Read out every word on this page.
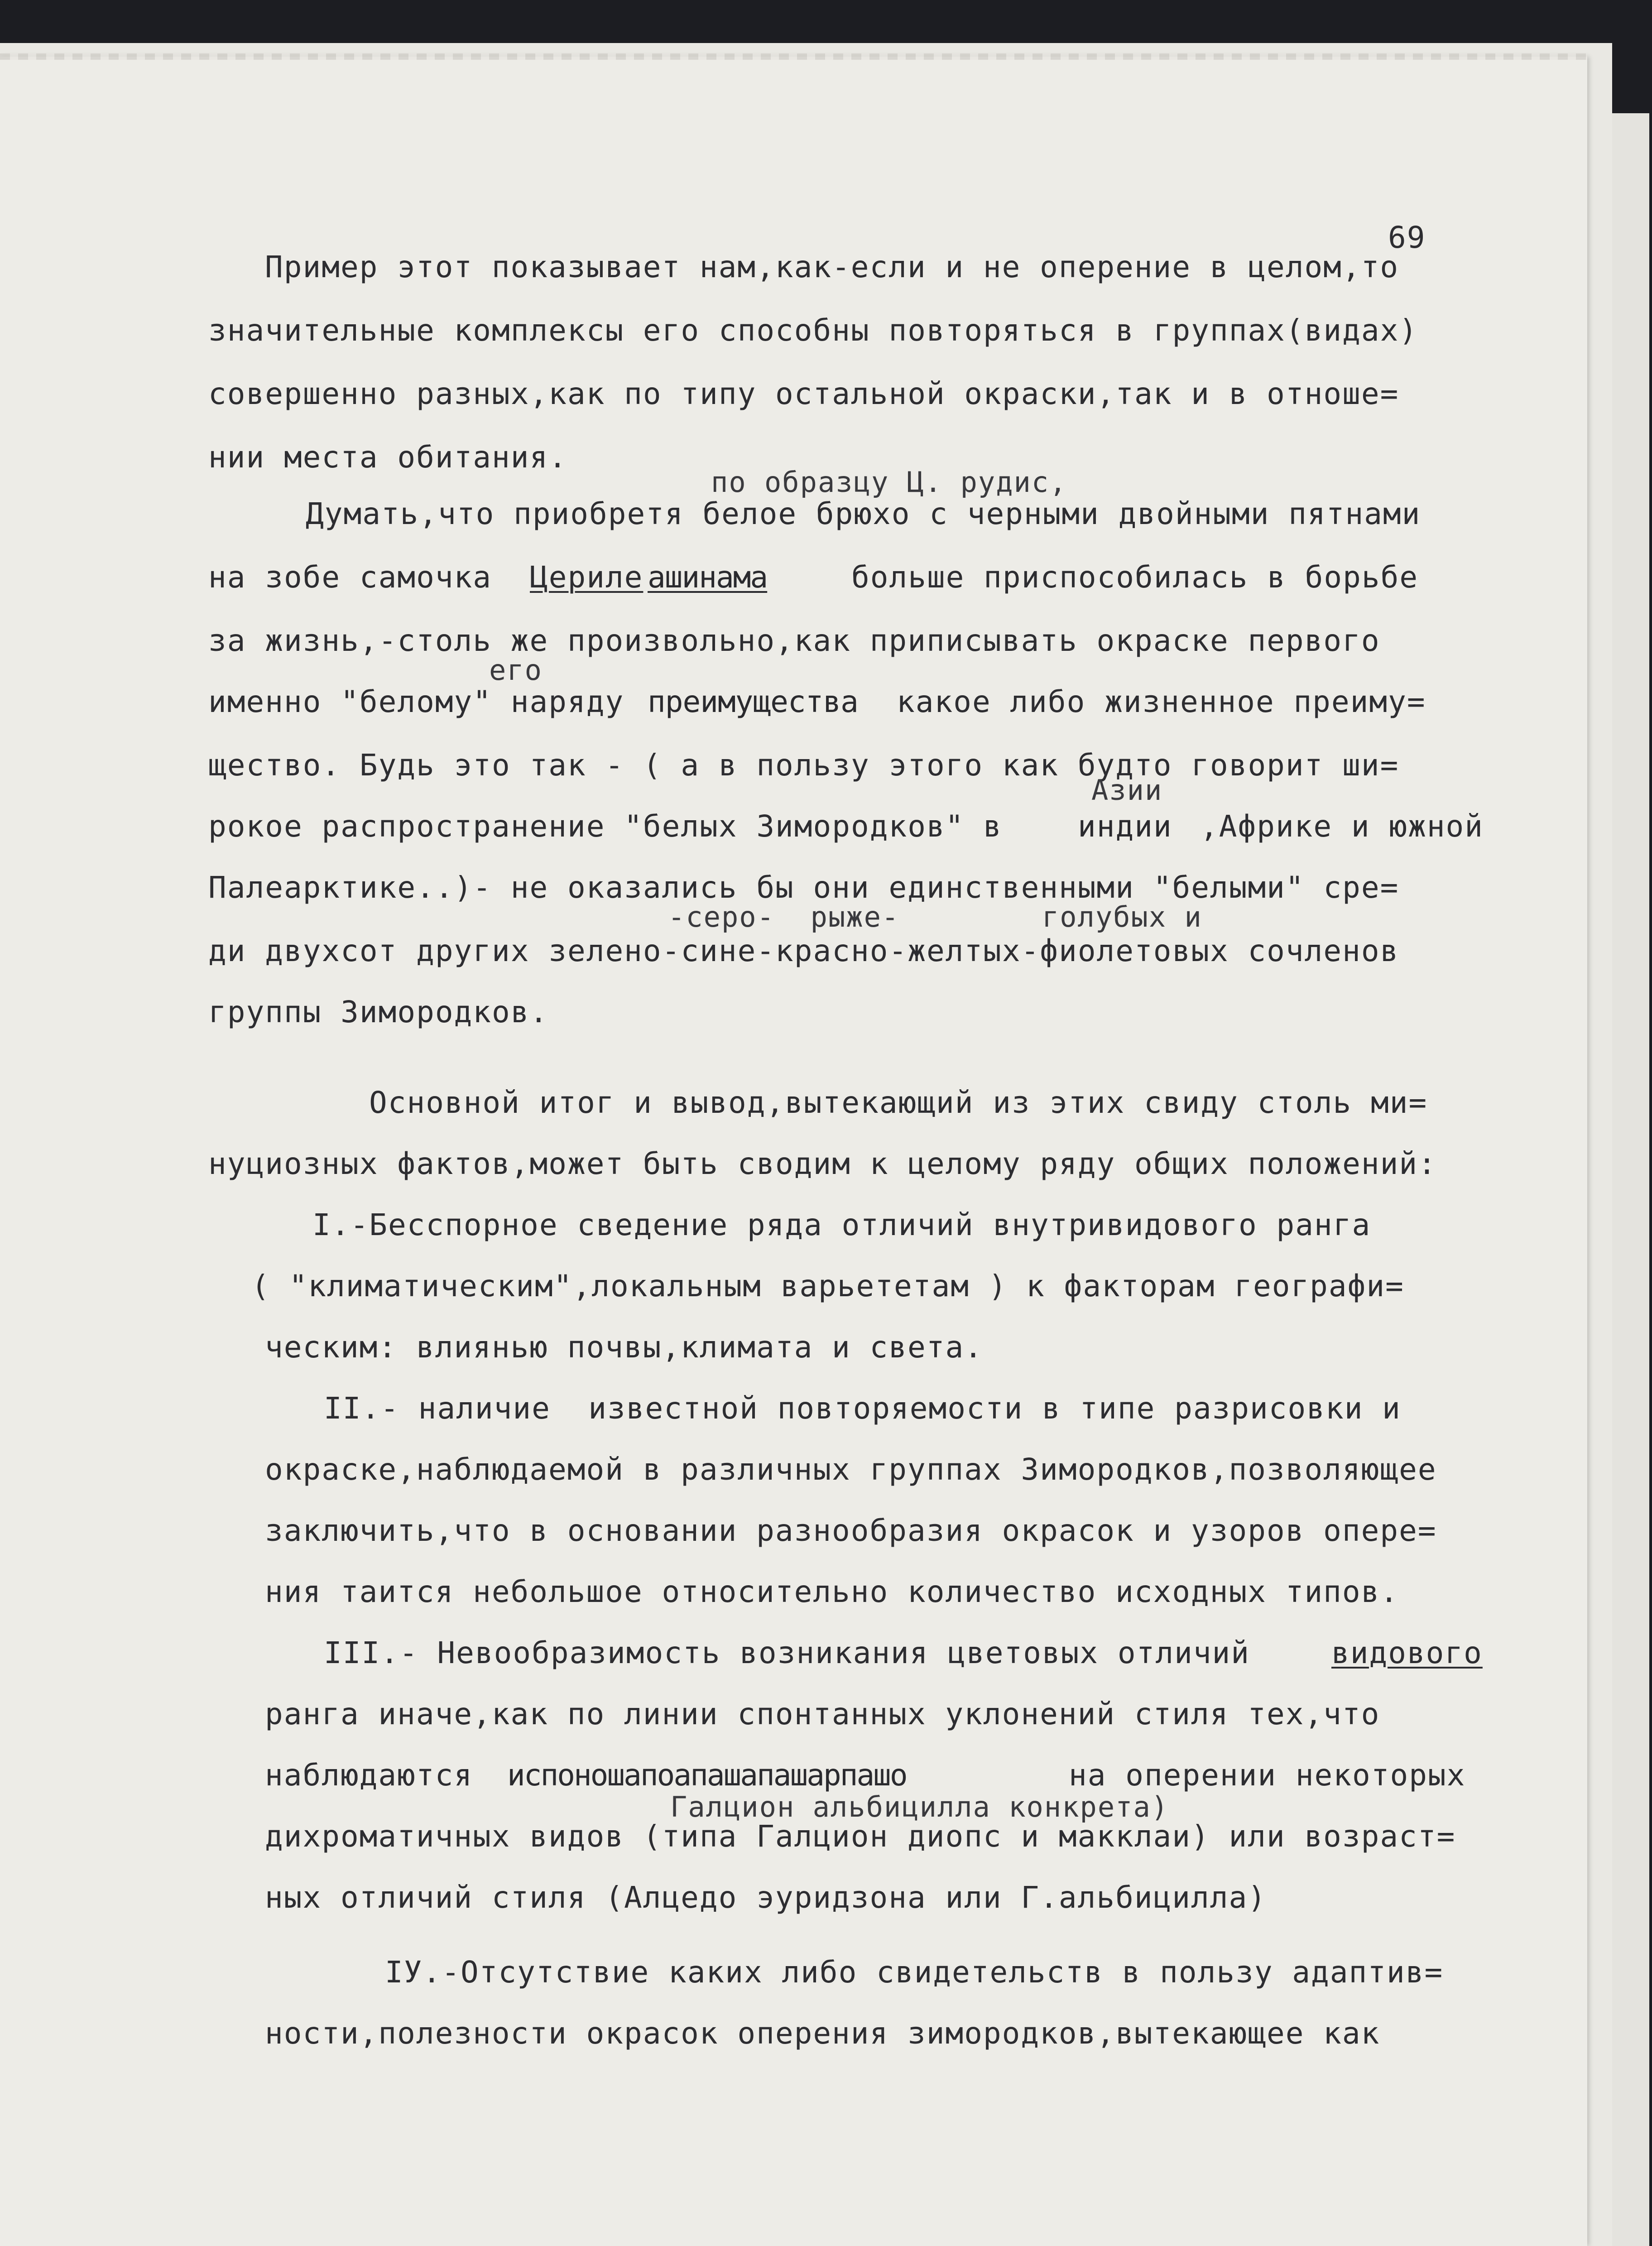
69

Пример этот показывает нам,как-если и не оперение в целом,то

значительные комплексы его способны повторяться в группах(видах)

совершенно разных,как по типу остальной окраски,так и в отноше=

нии места обитания.

по образцу Ц. рудис,

Думать,что приобретя белое брюхо с черными двойными пятнами

на зобе самочка Цериле ашинама	больше приспособилась в борьбе

за жизнь,-столь же произвольно,как приписывать окраске первого

его

именно "белому" наряду преимущества какое либо жизненное преиму=

щество. Будь это так - ( а в пользу этого как будто говорит ши=

Азии

рокое распространение "белых Зимородков" в	индии ,Африке и южной

Палеарктике..)- не оказались бы они единственными "белыми" сре=

-серо-  рыже-        голубых и

ди двухсот других зелено-сине-красно-желтых-фиолетовых сочленов

группы Зимородков.

Основной итог и вывод,вытекающий из этих свиду столь ми=

нуциозных фактов,может быть сводим к целому ряду общих положений:

I.-Бесспорное сведение ряда отличий внутривидового ранга

( "климатическим",локальным варьететам ) к факторам географи=

ческим: влиянью почвы,климата и света.

II.- наличие  известной повторяемости в типе разрисовки и

окраске,наблюдаемой в различных группах Зимородков,позволяющее

заключить,что в основании разнообразия окрасок и узоров опере=

ния таится небольшое относительно количество исходных типов.

III.- Невообразимость возникания цветовых отличий	видового

ранга иначе,как по линии спонтанных уклонений стиля тех,что

наблюдаются испоношапоапашапашарпашо	на оперении некоторых

Галцион альбицилла конкрета)

дихроматичных видов (типа Галцион диопс и макклаи) или возраст=

ных отличий стиля (Алцедо эуридзона или Г.альбицилла)

IУ.-Отсутствие каких либо свидетельств в пользу адаптив=

ности,полезности окрасок оперения зимородков,вытекающее как
